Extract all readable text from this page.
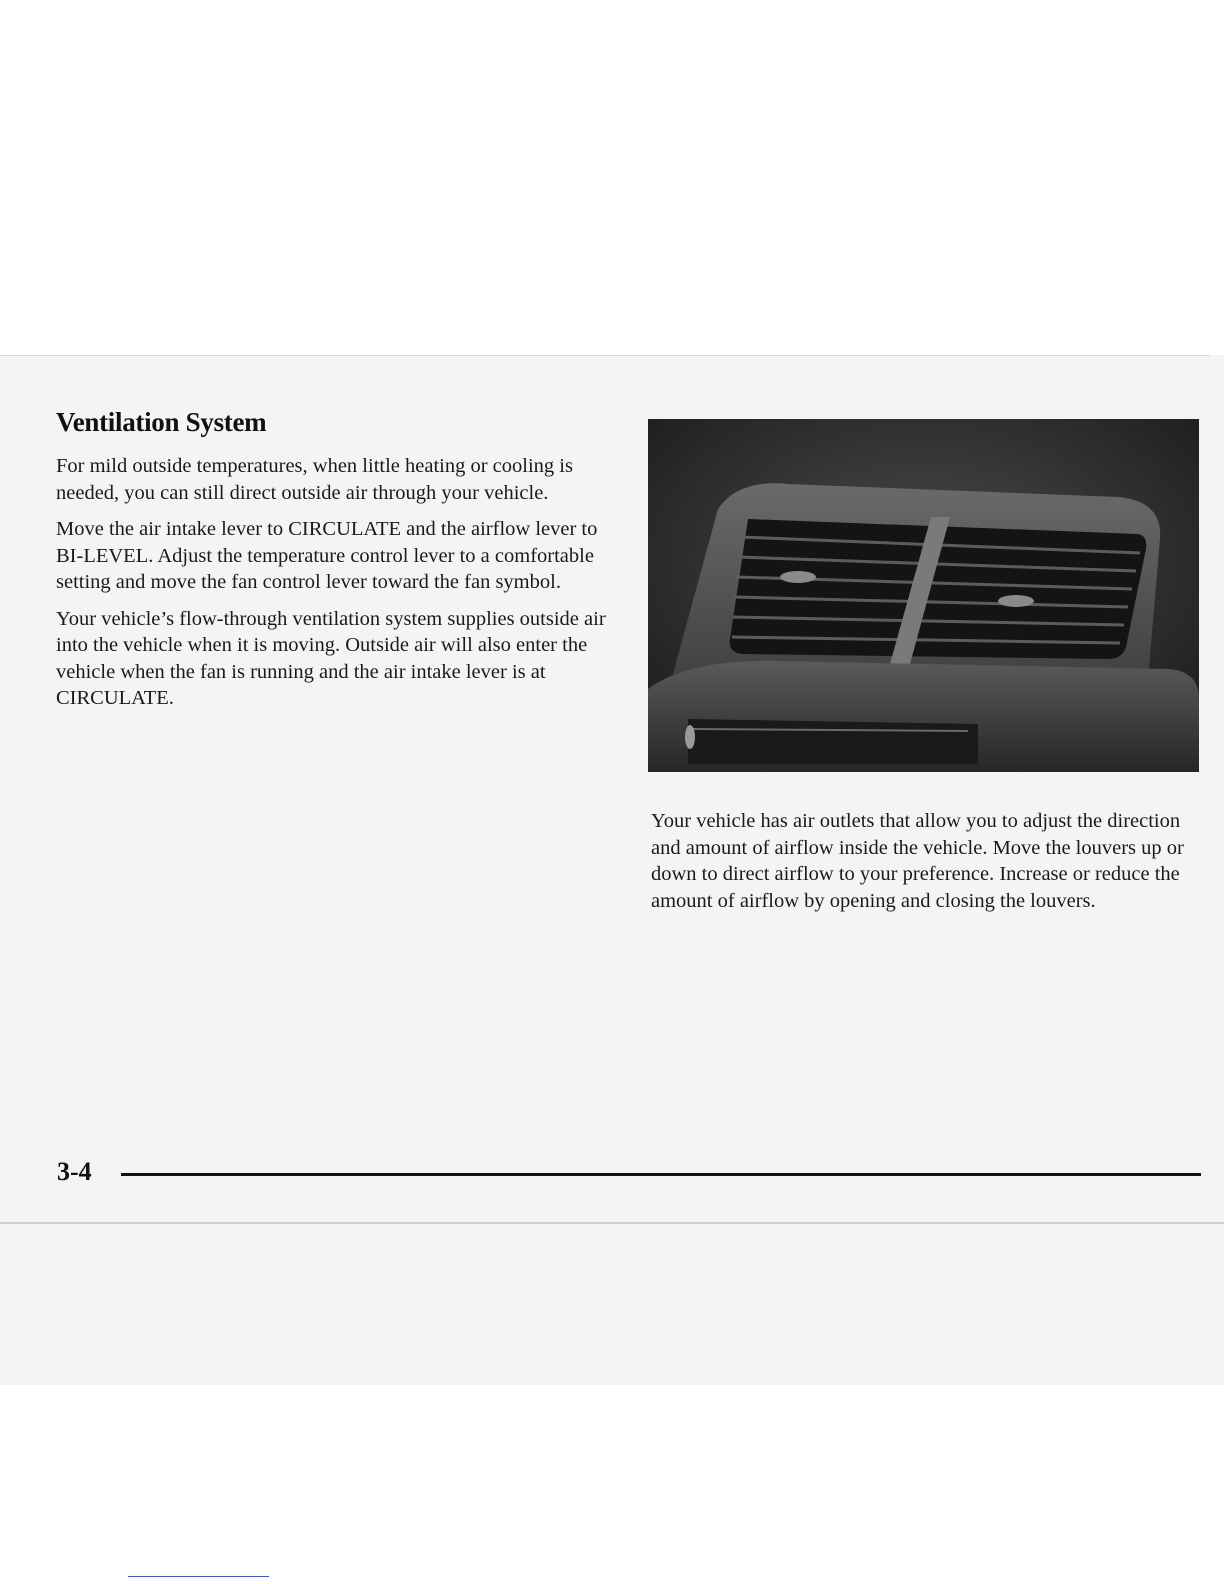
Ventilation System

For mild outside temperatures, when little heating or cooling is needed, you can still direct outside air through your vehicle.

Move the air intake lever to CIRCULATE and the airflow lever to BI-LEVEL. Adjust the temperature control lever to a comfortable setting and move the fan control lever toward the fan symbol.

Your vehicle’s flow-through ventilation system supplies outside air into the vehicle when it is moving. Outside air will also enter the vehicle when the fan is running and the air intake lever is at CIRCULATE.

Your vehicle has air outlets that allow you to adjust the direction and amount of airflow inside the vehicle. Move the louvers up or down to direct airflow to your preference. Increase or reduce the amount of airflow by opening and closing the louvers.

3-4
